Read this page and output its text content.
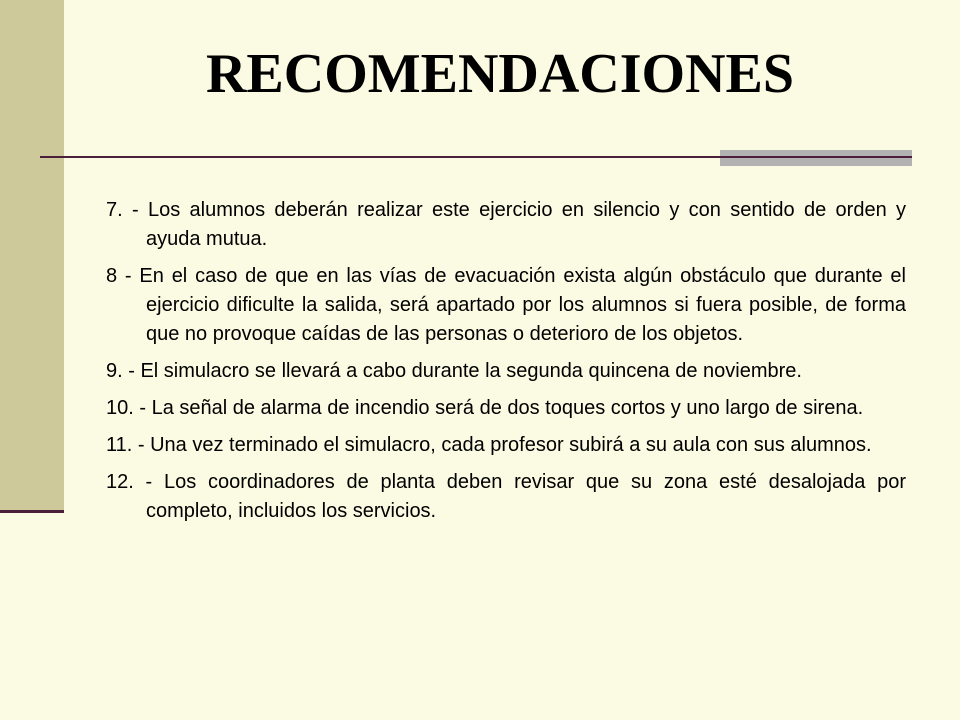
RECOMENDACIONES

7. - Los alumnos deberán realizar este ejercicio en silencio y con sentido de orden y ayuda mutua.

8 - En el caso de que en las vías de evacuación exista algún obstáculo que durante el ejercicio dificulte la salida, será apartado por los alumnos si fuera posible, de forma que no provoque caídas de las personas o deterioro de los objetos.

9. - El simulacro se llevará a cabo durante la segunda quincena de noviembre.

10. - La señal de alarma de incendio será de dos toques cortos y uno largo de sirena.

11. - Una vez terminado el simulacro, cada profesor subirá a su aula con sus alumnos.

12. - Los coordinadores de planta deben revisar que su zona esté desalojada por completo, incluidos los servicios.
